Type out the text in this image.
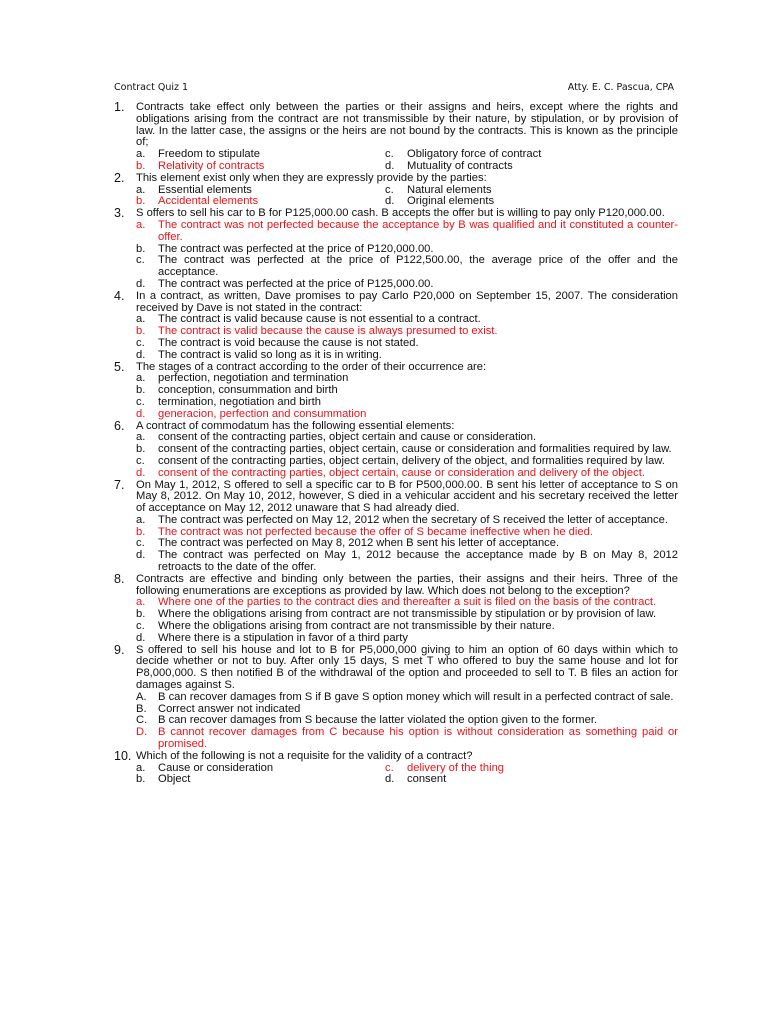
Contract Quiz 1	Atty. E. C. Pascua, CPA
1.	Contracts take effect only between the parties or their assigns and heirs, except where the rights and obligations arising from the contract are not transmissible by their nature, by stipulation, or by provision of law. In the latter case, the assigns or the heirs are not bound by the contracts. This is known as the principle of;
a.	Freedom to stipulate	c.	Obligatory force of contract
b.	Relativity of contracts	d.	Mutuality of contracts
2.	This element exist only when they are expressly provide by the parties:
a.	Essential elements	c.	Natural elements
b.	Accidental elements	d.	Original elements
3.	S offers to sell his car to B for P125,000.00 cash. B accepts the offer but is willing to pay only P120,000.00.
a.	The contract was not perfected because the acceptance by B was qualified and it constituted a counter-offer.
b.	The contract was perfected at the price of P120,000.00.
c.	The contract was perfected at the price of P122,500.00, the average price of the offer and the acceptance.
d.	The contract was perfected at the price of P125,000.00.
4.	In a contract, as written, Dave promises to pay Carlo P20,000 on September 15, 2007. The consideration received by Dave is not stated in the contract:
a.	The contract is valid because cause is not essential to a contract.
b.	The contract is valid because the cause is always presumed to exist.
c.	The contract is void because the cause is not stated.
d.	The contract is valid so long as it is in writing.
5.	The stages of a contract according to the order of their occurrence are:
a.	perfection, negotiation and termination
b.	conception, consummation and birth
c.	termination, negotiation and birth
d.	generacion, perfection and consummation
6.	A contract of commodatum has the following essential elements:
a.	consent of the contracting parties, object certain and cause or consideration.
b.	consent of the contracting parties, object certain, cause or consideration and formalities required by law.
c.	consent of the contracting parties, object certain, delivery of the object, and formalities required by law.
d.	consent of the contracting parties, object certain, cause or consideration and delivery of the object.
7.	On May 1, 2012, S offered to sell a specific car to B for P500,000.00. B sent his letter of acceptance to S on May 8, 2012. On May 10, 2012, however, S died in a vehicular accident and his secretary received the letter of acceptance on May 12, 2012 unaware that S had already died.
a.	The contract was perfected on May 12, 2012 when the secretary of S received the letter of acceptance.
b.	The contract was not perfected because the offer of S became ineffective when he died.
c.	The contract was perfected on May 8, 2012 when B sent his letter of acceptance.
d.	The contract was perfected on May 1, 2012 because the acceptance made by B on May 8, 2012 retroacts to the date of the offer.
8.	Contracts are effective and binding only between the parties, their assigns and their heirs. Three of the following enumerations are exceptions as provided by law. Which does not belong to the exception?
a.	Where one of the parties to the contract dies and thereafter a suit is filed on the basis of the contract.
b.	Where the obligations arising from contract are not transmissible by stipulation or by provision of law.
c.	Where the obligations arising from contract are not transmissible by their nature.
d.	Where there is a stipulation in favor of a third party
9.	S offered to sell his house and lot to B for P5,000,000 giving to him an option of 60 days within which to decide whether or not to buy. After only 15 days, S met T who offered to buy the same house and lot for P8,000,000. S then notified B of the withdrawal of the option and proceeded to sell to T. B files an action for damages against S.
A.	B can recover damages from S if B gave S option money which will result in a perfected contract of sale.
B.	Correct answer not indicated
C. B can recover damages from S because the latter violated the option given to the former.
D. B cannot recover damages from C because his option is without consideration as something paid or promised.
10. Which of the following is not a requisite for the validity of a contract?
a.	Cause or consideration	c.	delivery of the thing
b.	Object	d.	consent
